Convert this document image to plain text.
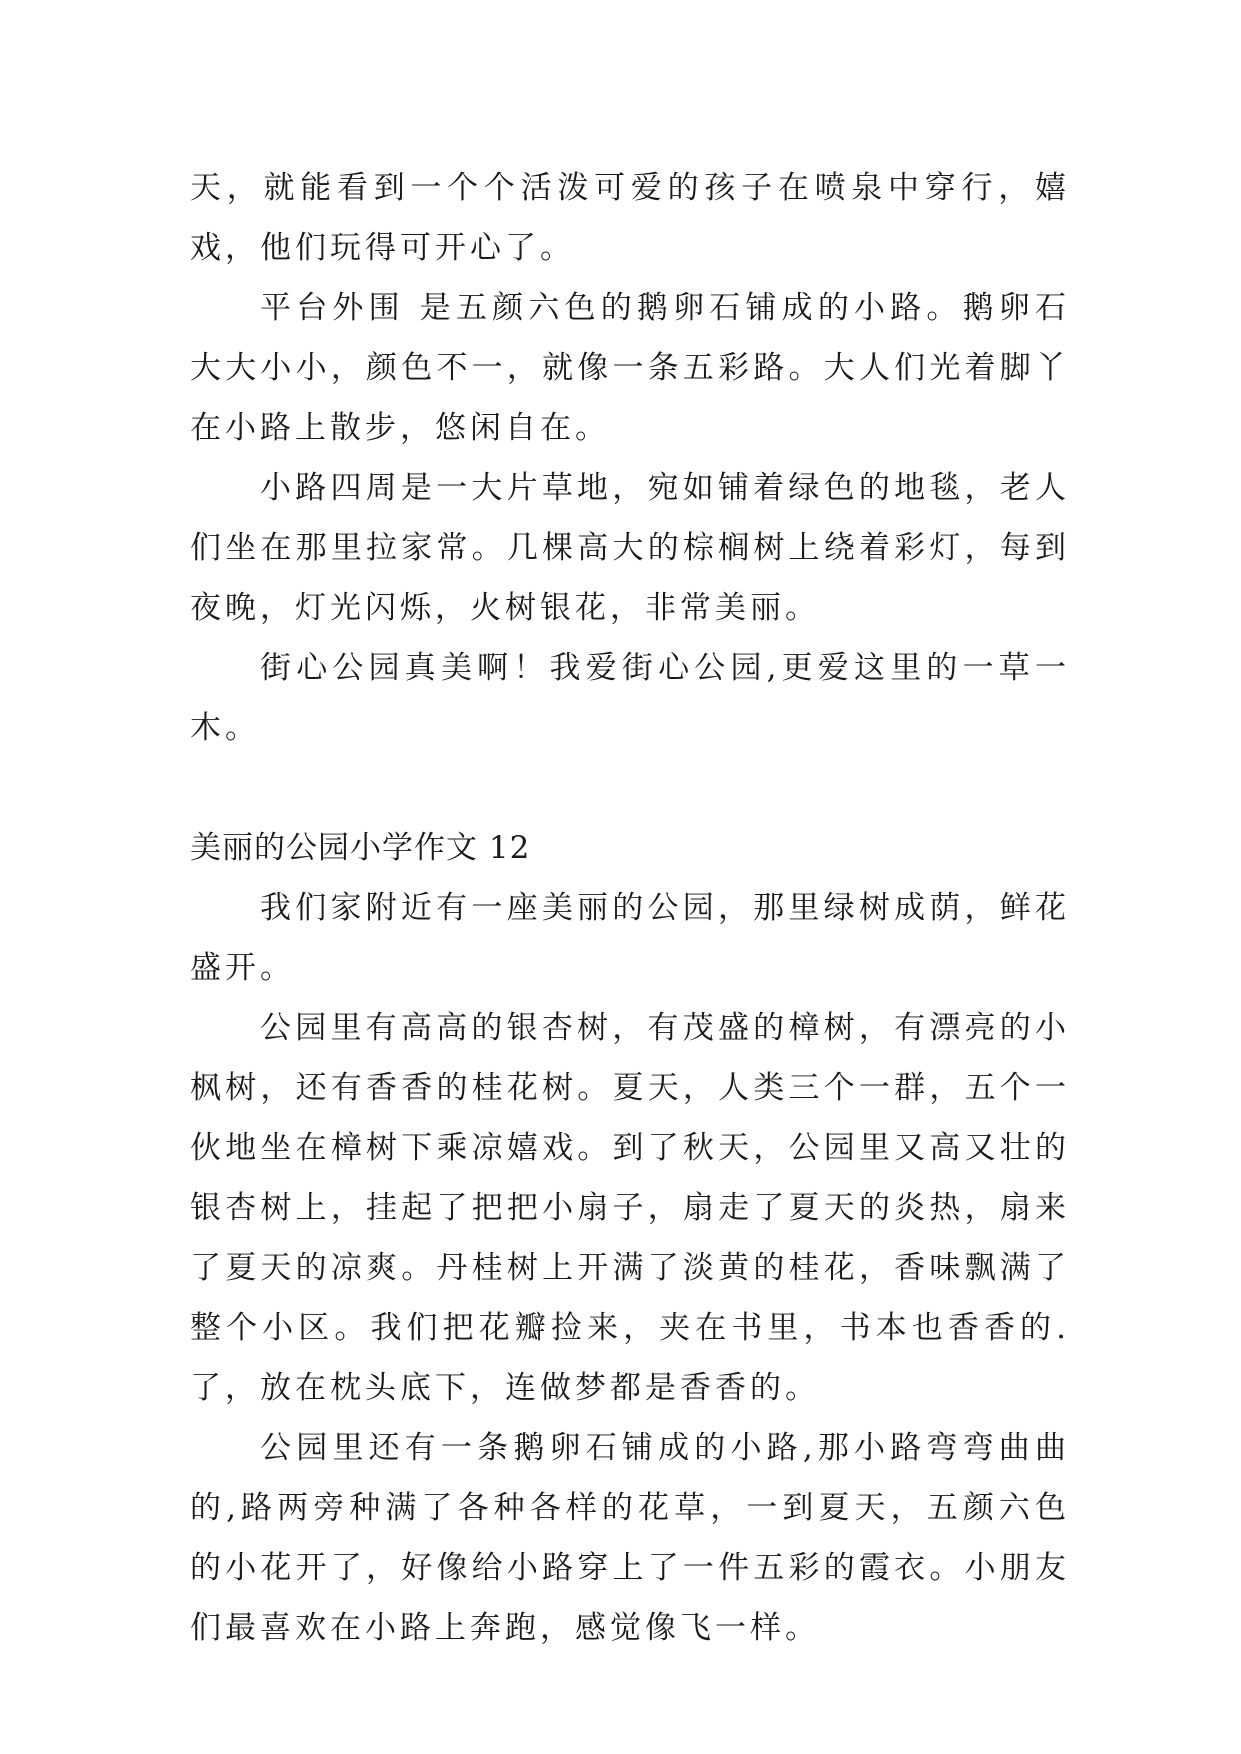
天，就能看到一个个活泼可爱的孩子在喷泉中穿行，嬉戏，他们玩得可开心了。

平台外围 是五颜六色的鹅卵石铺成的小路。鹅卵石大大小小，颜色不一，就像一条五彩路。大人们光着脚丫在小路上散步，悠闲自在。

小路四周是一大片草地，宛如铺着绿色的地毯，老人们坐在那里拉家常。几棵高大的棕榈树上绕着彩灯，每到夜晚，灯光闪烁，火树银花，非常美丽。

街心公园真美啊！我爱街心公园,更爱这里的一草一木。

美丽的公园小学作文 12

我们家附近有一座美丽的公园，那里绿树成荫，鲜花盛开。

公园里有高高的银杏树，有茂盛的樟树，有漂亮的小枫树，还有香香的桂花树。夏天，人类三个一群，五个一伙地坐在樟树下乘凉嬉戏。到了秋天，公园里又高又壮的银杏树上，挂起了把把小扇子，扇走了夏天的炎热，扇来了夏天的凉爽。丹桂树上开满了淡黄的桂花，香味飘满了整个小区。我们把花瓣捡来，夹在书里，书本也香香的.了，放在枕头底下，连做梦都是香香的。

公园里还有一条鹅卵石铺成的小路,那小路弯弯曲曲的,路两旁种满了各种各样的花草，一到夏天，五颜六色的小花开了，好像给小路穿上了一件五彩的霞衣。小朋友们最喜欢在小路上奔跑，感觉像飞一样。
